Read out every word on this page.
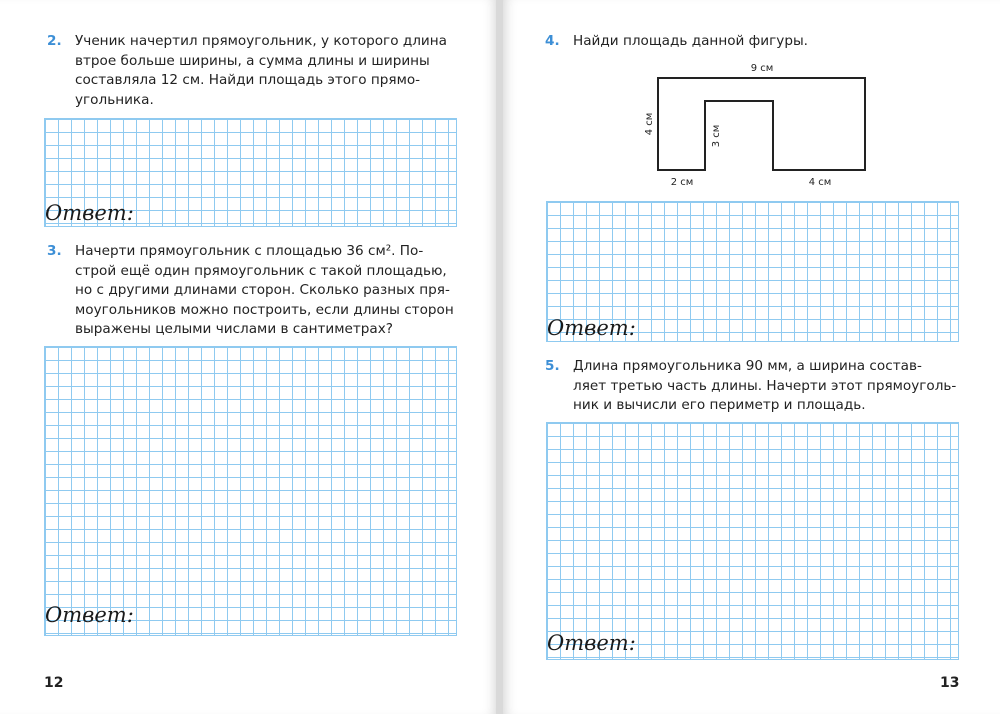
2. Ученик начертил прямоугольник, у которого длина
втрое больше ширины, а сумма длины и ширины
составляла 12 см. Найди площадь этого прямо-
угольника.
Ответ:
3. Начерти прямоугольник с площадью 36 см². По-
строй ещё один прямоугольник с такой площадью,
но с другими длинами сторон. Сколько разных пря-
моугольников можно построить, если длины сторон
выражены целыми числами в сантиметрах?
Ответ:
12
4. Найди площадь данной фигуры.
9 см
4 см
3 см
2 см	4 см
Ответ:
5. Длина прямоугольника 90 мм, а ширина состав-
ляет третью часть длины. Начерти этот прямоуголь-
ник и вычисли его периметр и площадь.
Ответ:
13
